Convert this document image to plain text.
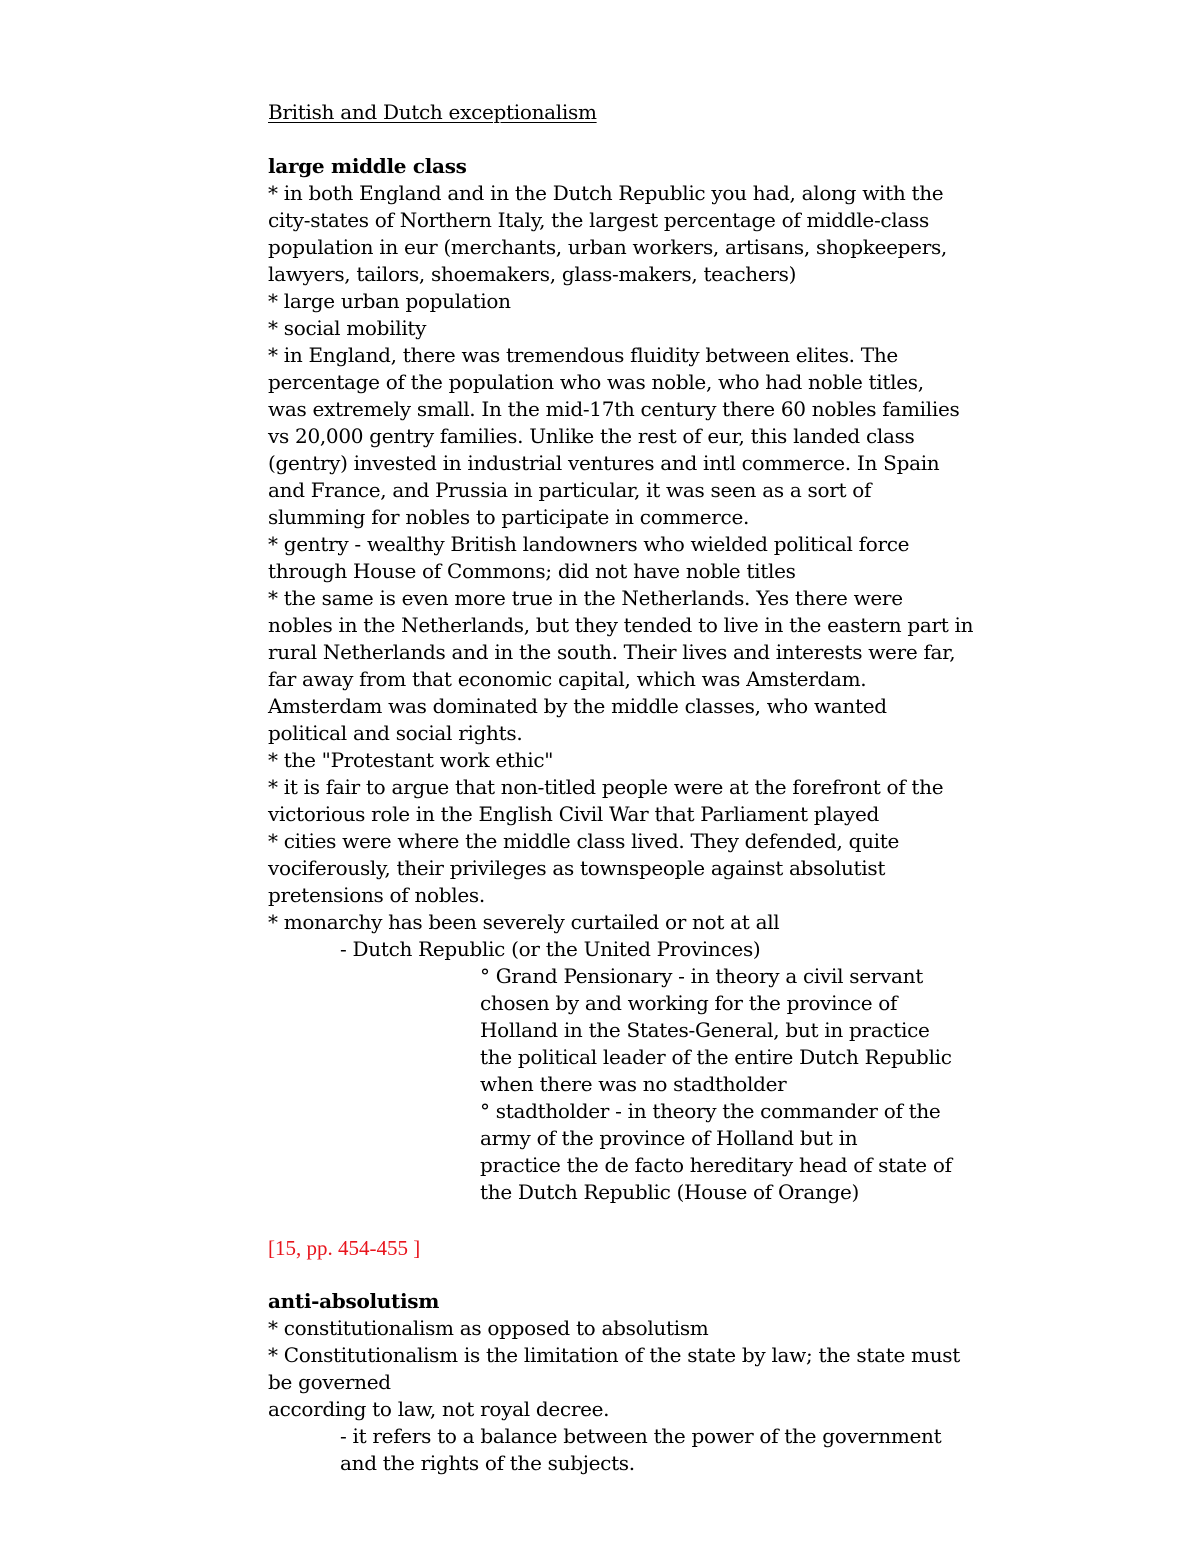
British and Dutch exceptionalism
large middle class
* in both England and in the Dutch Republic you had, along with the
city-states of Northern Italy, the largest percentage of middle-class
population in eur (merchants, urban workers, artisans, shopkeepers,
lawyers, tailors, shoemakers, glass-makers, teachers)
* large urban population
* social mobility
* in England, there was tremendous fluidity between elites. The
percentage of the population who was noble, who had noble titles,
was extremely small. In the mid-17th century there 60 nobles families
vs 20,000 gentry families. Unlike the rest of eur, this landed class
(gentry) invested in industrial ventures and intl commerce. In Spain
and France, and Prussia in particular, it was seen as a sort of
slumming for nobles to participate in commerce.
* gentry - wealthy British landowners who wielded political force
through House of Commons; did not have noble titles
* the same is even more true in the Netherlands. Yes there were
nobles in the Netherlands, but they tended to live in the eastern part in
rural Netherlands and in the south. Their lives and interests were far,
far away from that economic capital, which was Amsterdam.
Amsterdam was dominated by the middle classes, who wanted
political and social rights.
* the "Protestant work ethic"
* it is fair to argue that non-titled people were at the forefront of the
victorious role in the English Civil War that Parliament played
* cities were where the middle class lived. They defended, quite
vociferously, their privileges as townspeople against absolutist
pretensions of nobles.
* monarchy has been severely curtailed or not at all
- Dutch Republic (or the United Provinces)
° Grand Pensionary - in theory a civil servant
chosen by and working for the province of
Holland in the States-General, but in practice
the political leader of the entire Dutch Republic
when there was no stadtholder
° stadtholder - in theory the commander of the
army of the province of Holland but in
practice the de facto hereditary head of state of
the Dutch Republic (House of Orange)
[15, pp. 454-455 ]
anti-absolutism
* constitutionalism as opposed to absolutism
* Constitutionalism is the limitation of the state by law; the state must
be governed
according to law, not royal decree.
- it refers to a balance between the power of the government
and the rights of the subjects.
